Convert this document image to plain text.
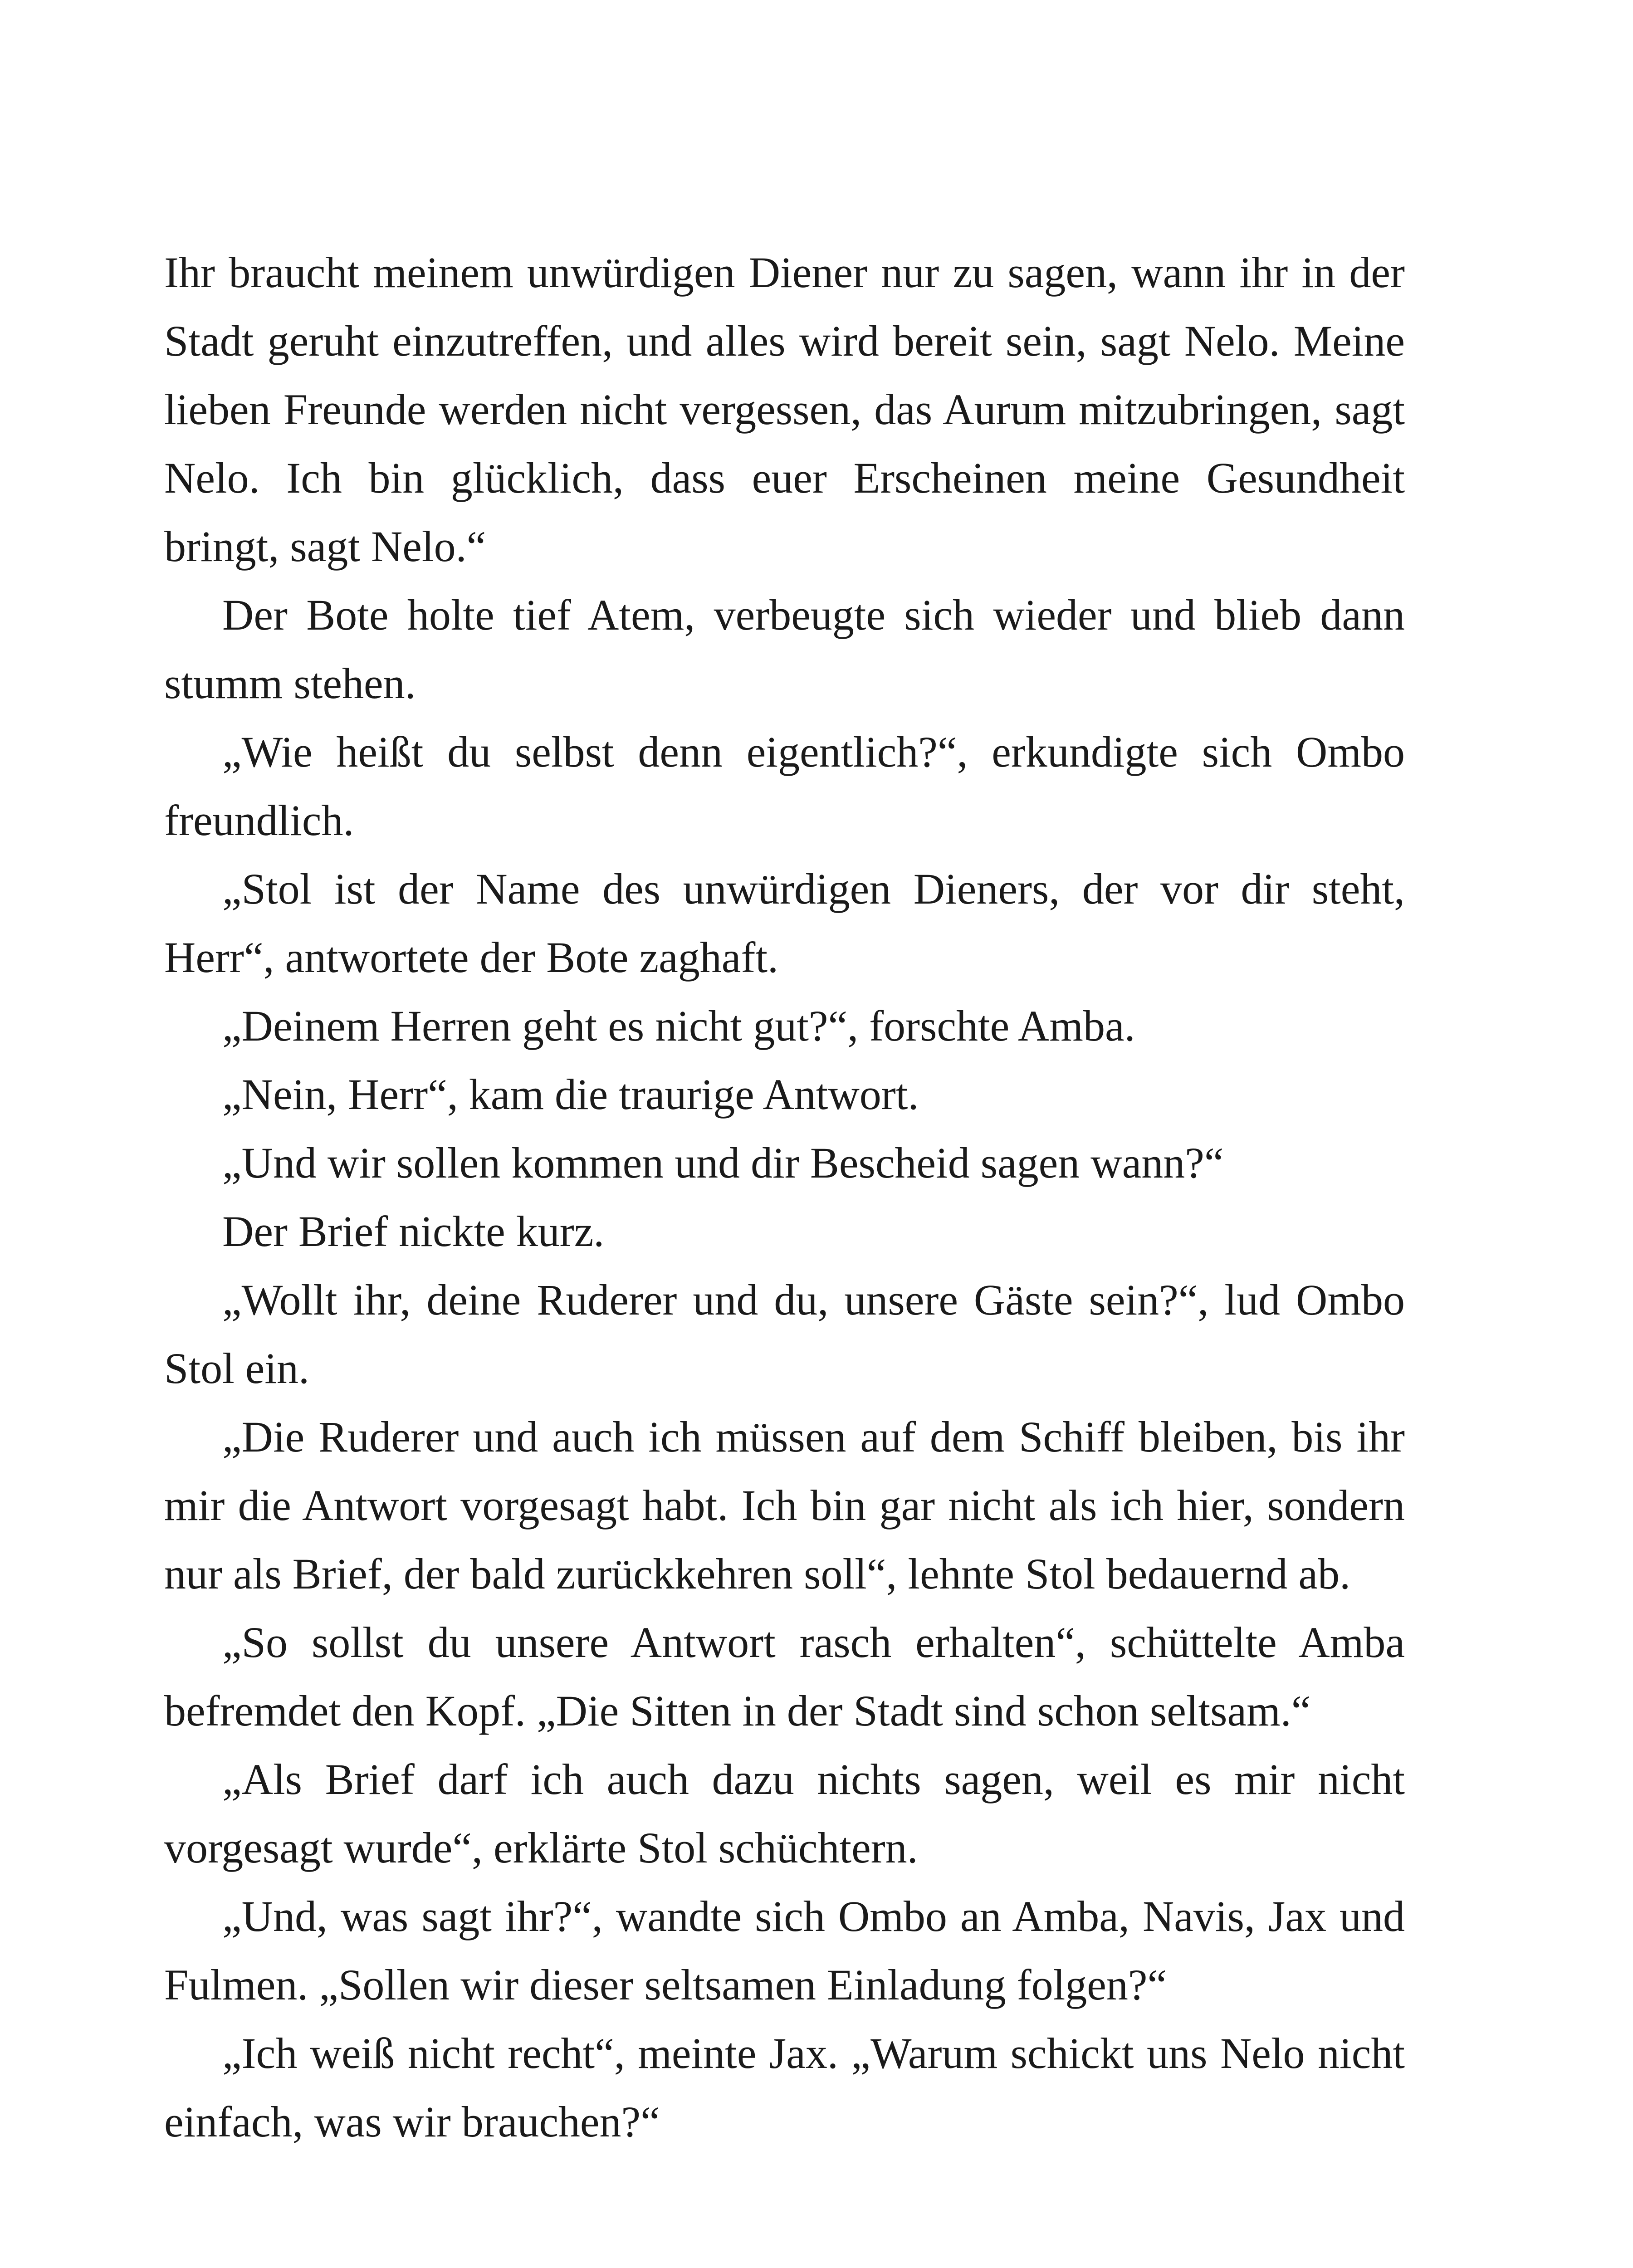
Ihr braucht meinem unwürdigen Diener nur zu sagen, wann ihr in der Stadt geruht einzutreffen, und alles wird bereit sein, sagt Nelo. Meine lieben Freunde werden nicht vergessen, das Aurum mitzubringen, sagt Nelo. Ich bin glücklich, dass euer Erscheinen meine Gesundheit bringt, sagt Nelo.“

Der Bote holte tief Atem, verbeugte sich wieder und blieb dann stumm stehen.

„Wie heißt du selbst denn eigentlich?“, erkundigte sich Ombo freundlich.

„Stol ist der Name des unwürdigen Dieners, der vor dir steht, Herr“, antwortete der Bote zaghaft.

„Deinem Herren geht es nicht gut?“, forschte Amba.

„Nein, Herr“, kam die traurige Antwort.

„Und wir sollen kommen und dir Bescheid sagen wann?“

Der Brief nickte kurz.

„Wollt ihr, deine Ruderer und du, unsere Gäste sein?“, lud Ombo Stol ein.

„Die Ruderer und auch ich müssen auf dem Schiff bleiben, bis ihr mir die Antwort vorgesagt habt. Ich bin gar nicht als ich hier, sondern nur als Brief, der bald zurückkehren soll“, lehnte Stol bedauernd ab.

„So sollst du unsere Antwort rasch erhalten“, schüttelte Amba befremdet den Kopf. „Die Sitten in der Stadt sind schon seltsam.“

„Als Brief darf ich auch dazu nichts sagen, weil es mir nicht vorgesagt wurde“, erklärte Stol schüchtern.

„Und, was sagt ihr?“, wandte sich Ombo an Amba, Navis, Jax und Fulmen. „Sollen wir dieser seltsamen Einladung folgen?“

„Ich weiß nicht recht“, meinte Jax. „Warum schickt uns Nelo nicht einfach, was wir brauchen?“
